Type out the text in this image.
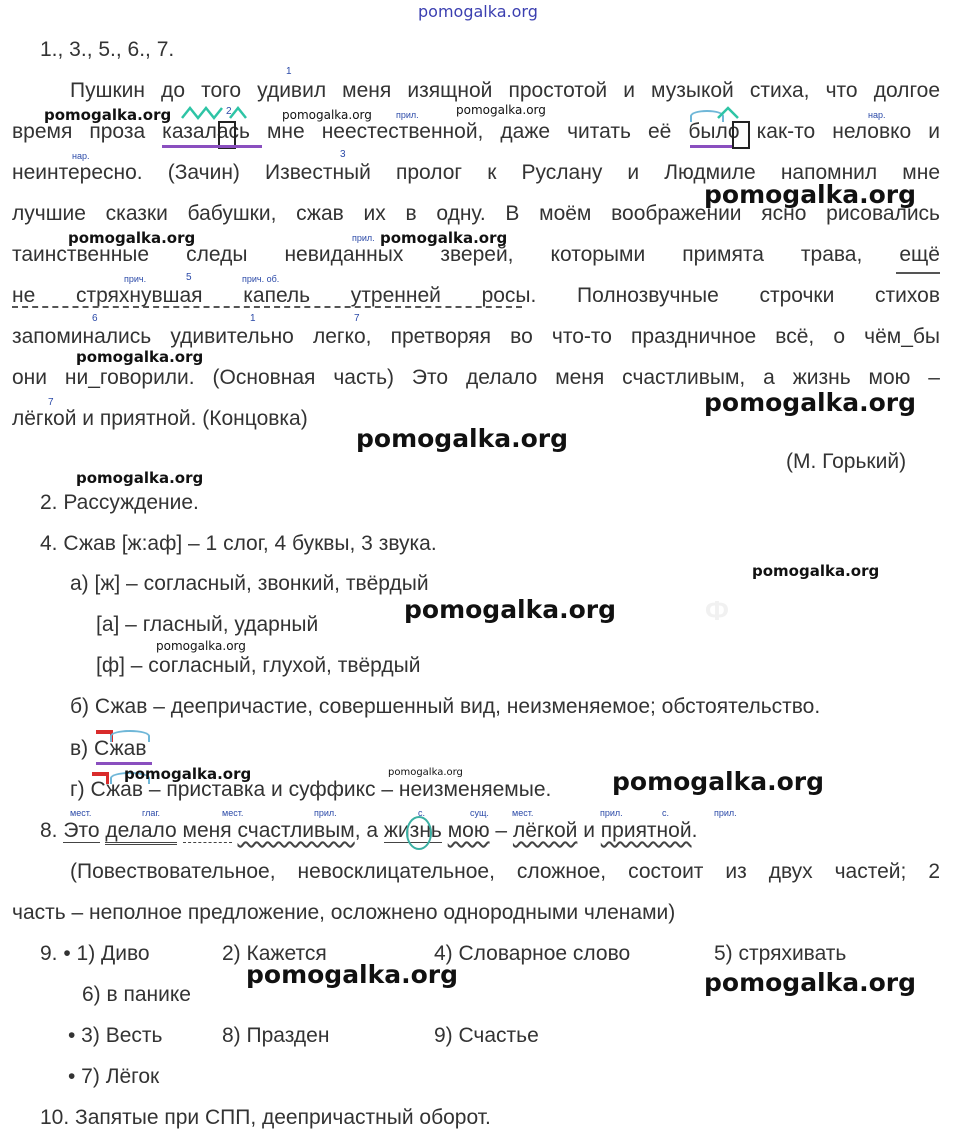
pomogalka.org
1., 3., 5., 6., 7.
Пушкин до того удивил меня изящной простотой и музыкой стиха, что долгое
время проза казалась мне неестественной, даже читать её было как-то неловко и
неинтересно. (Зачин) Известный пролог к Руслану и Людмиле напомнил мне
лучшие сказки бабушки, сжав их в одну. В моём воображении ясно рисовались
таинственные следы невиданных зверей, которыми примята трава, ещё
не стряхнувшая капель утренней росы. Полнозвучные строчки стихов
запоминались удивительно легко, претворяя во что-то праздничное всё, о чём_бы
они ни_говорили. (Основная часть) Это делало меня счастливым, а жизнь мою –
лёгкой и приятной. (Концовка)
1
2	прил.	нар.
нар.	3
прил.
прич.	5	прич. об.
6	1	7
7
(М. Горький)
2. Рассуждение.
4. Сжав [ж:аф] – 1 слог, 4 буквы, 3 звука.
а) [ж] – согласный, звонкий, твёрдый
[а] – гласный, ударный
[ф] – согласный, глухой, твёрдый
б) Сжав – деепричастие, совершенный вид, неизменяемое; обстоятельство.
в) Сжав
г) Сжав – приставка и суффикс – неизменяемые.
8. Это делало меня счастливым, а жизнь мою – лёгкой и приятной.
мест.	глаг.	мест.	прил.	с.	сущ.	мест.	прил.	с.	прил.
(Повествовательное, невосклицательное, сложное, состоит из двух частей; 2
часть – неполное предложение, осложнено однородными членами)
9. • 1) Диво	2) Кажется	4) Словарное слово	5) стряхивать
6) в панике
• 3) Весть	8) Празден	9) Счастье
• 7) Лёгок
10. Запятые при СПП, деепричастный оборот.
pomogalka.org	pomogalka.org	pomogalka.org
pomogalka.org
pomogalka.org	pomogalka.org
pomogalka.org
pomogalka.org
pomogalka.org
pomogalka.org
pomogalka.org
Ф
pomogalka.org
pomogalka.org
pomogalka.org	pomogalka.org	pomogalka.org
pomogalka.org	pomogalka.org
